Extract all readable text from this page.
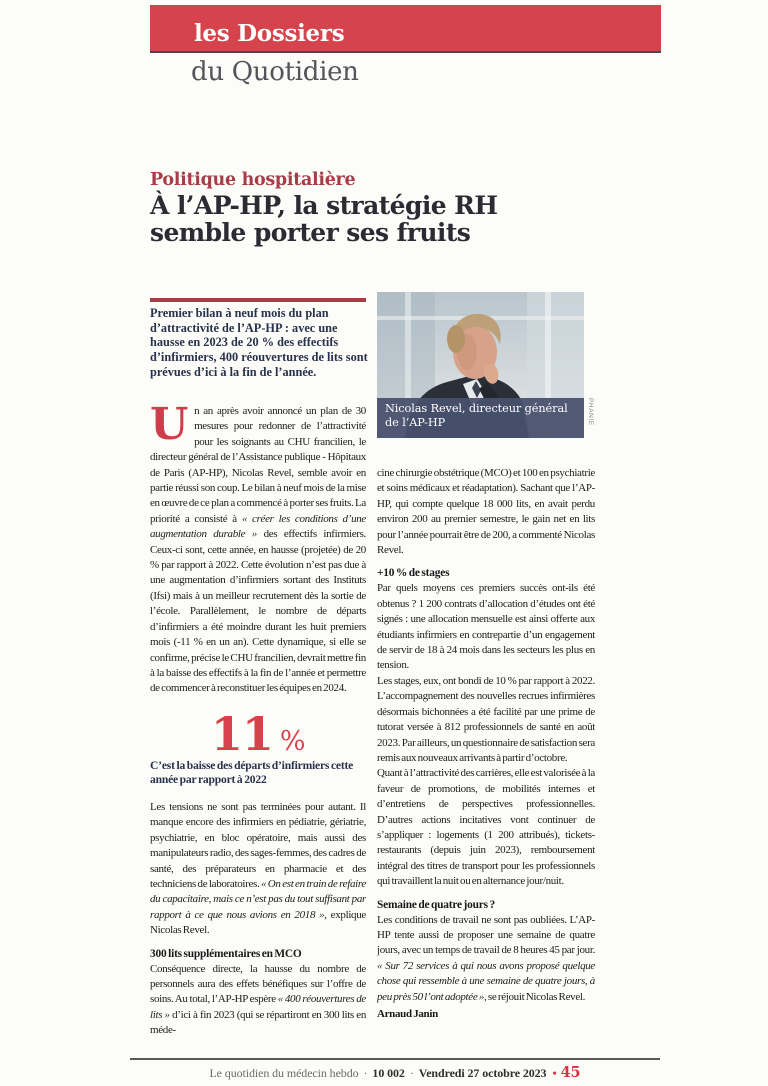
les Dossiers
du Quotidien
Politique hospitalière
À l’AP-HP, la stratégie RH
semble porter ses fruits

Premier bilan à neuf mois du plan d’attractivité de l’AP-HP : avec une hausse en 2023 de 20 % des effectifs d’infirmiers, 400 réouvertures de lits sont prévues d’ici à la fin de l’année.

Nicolas Revel, directeur général de l’AP-HP	PHANIE

Un an après avoir annoncé un plan de 30 mesures pour redonner de l’attractivité pour les soignants au CHU francilien, le directeur général de l’Assistance publique - Hôpitaux de Paris (AP-HP), Nicolas Revel, semble avoir en partie réussi son coup. Le bilan à neuf mois de la mise en œuvre de ce plan a commencé à porter ses fruits. La priorité a consisté à « créer les conditions d’une augmentation durable » des effectifs infirmiers. Ceux-ci sont, cette année, en hausse (projetée) de 20 % par rapport à 2022. Cette évolution n’est pas due à une augmentation d’infirmiers sortant des Instituts (Ifsi) mais à un meilleur recrutement dès la sortie de l’école. Parallèlement, le nombre de départs d’infirmiers a été moindre durant les huit premiers mois (-11 % en un an). Cette dynamique, si elle se confirme, précise le CHU francilien, devrait mettre fin à la baisse des effectifs à la fin de l’année et permettre de commencer à reconstituer les équipes en 2024.

11 %

C’est la baisse des départs d’infirmiers cette année par rapport à 2022

Les tensions ne sont pas terminées pour autant. Il manque encore des infirmiers en pédiatrie, gériatrie, psychiatrie, en bloc opératoire, mais aussi des manipulateurs radio, des sages-femmes, des cadres de santé, des préparateurs en pharmacie et des techniciens de laboratoires. « On est en train de refaire du capacitaire, mais ce n’est pas du tout suffisant par rapport à ce que nous avions en 2018 », explique Nicolas Revel.

300 lits supplémentaires en MCO

Conséquence directe, la hausse du nombre de personnels aura des effets bénéfiques sur l’offre de soins. Au total, l’AP-HP espère « 400 réouvertures de lits » d’ici à fin 2023 (qui se répartiront en 300 lits en méde-

cine chirurgie obstétrique (MCO) et 100 en psychiatrie et soins médicaux et réadaptation). Sachant que l’AP-HP, qui compte quelque 18 000 lits, en avait perdu environ 200 au premier semestre, le gain net en lits pour l’année pourrait être de 200, a commenté Nicolas Revel.

+10 % de stages

Par quels moyens ces premiers succès ont-ils été obtenus ? 1 200 contrats d’allocation d’études ont été signés : une allocation mensuelle est ainsi offerte aux étudiants infirmiers en contrepartie d’un engagement de servir de 18 à 24 mois dans les secteurs les plus en tension.

Les stages, eux, ont bondi de 10 % par rapport à 2022. L’accompagnement des nouvelles recrues infirmières désormais bichonnées a été facilité par une prime de tutorat versée à 812 professionnels de santé en août 2023. Par ailleurs, un questionnaire de satisfaction sera remis aux nouveaux arrivants à partir d’octobre.

Quant à l’attractivité des carrières, elle est valorisée à la faveur de promotions, de mobilités internes et d’entretiens de perspectives professionnelles. D’autres actions incitatives vont continuer de s’appliquer : logements (1 200 attribués), tickets-restaurants (depuis juin 2023), remboursement intégral des titres de transport pour les professionnels qui travaillent la nuit ou en alternance jour/nuit.

Semaine de quatre jours ?

Les conditions de travail ne sont pas oubliées. L’AP-HP tente aussi de proposer une semaine de quatre jours, avec un temps de travail de 8 heures 45 par jour. « Sur 72 services à qui nous avons proposé quelque chose qui ressemble à une semaine de quatre jours, à peu près 50 l’ont adoptée », se réjouit Nicolas Revel.

Arnaud Janin

Le quotidien du médecin hebdo · 10 002 · Vendredi 27 octobre 2023 • 45
